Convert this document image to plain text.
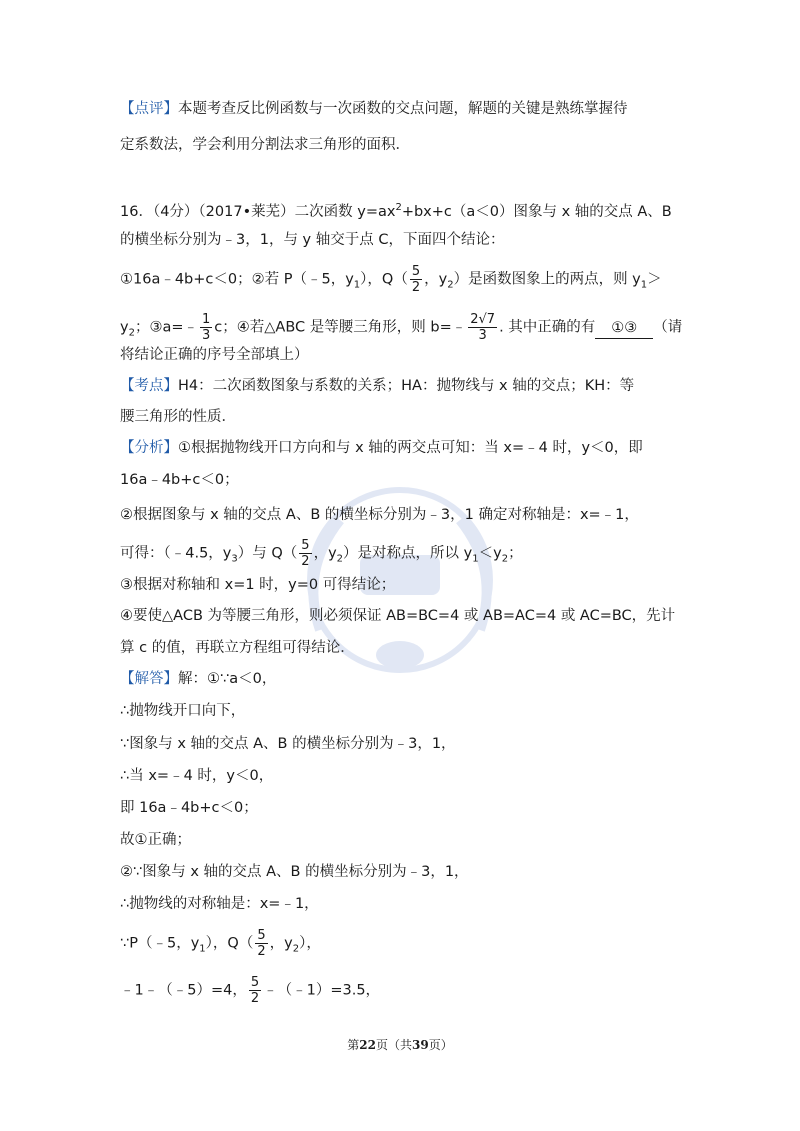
【点评】本题考查反比例函数与一次函数的交点问题，解题的关键是熟练掌握待
定系数法，学会利用分割法求三角形的面积．
16．（4分）（2017•莱芜）二次函数 $y=ax^2+bx+c(a<0)$图象与 x 轴的交点 A、B
的横坐标分别为﹣3，1，与 y 轴交于点 C，下面四个结论：
①16a﹣4b+c＜0；②若 P（﹣5，$y_1$），$Q( \frac{5}{2}$ ，$y_2$）是函数图象上的两点，则 $y_1>$
$y_2$；③a=﹣ $\frac{1}{3}$ c；④若△ABC 是等腰三角形，则 b=﹣ $\frac{2√7}{3}$ . 其中正确的有 ①③ （请
将结论正确的序号全部填上）
【考点】H4：二次函数图象与系数的关系；HA：抛物线与 x 轴的交点；KH：等
腰三角形的性质．
【分析】①根据抛物线开口方向和与 x 轴的两交点可知：当 x=﹣4 时，y＜0，即
16a﹣4b+c＜0；
②根据图象与 x 轴的交点 A、B 的横坐标分别为﹣3，1 确定对称轴是：x=﹣1，
可得：（﹣4.5，$y_3$）与 $Q( \frac{5}{2}$ ，$y_2$）是对称点，所以 $y_1<y_2$；
③根据对称轴和 x=1 时，y=0 可得结论；
④要使△ACB 为等腰三角形，则必须保证 AB=BC=4 或 AB=AC=4 或 AC=BC，先计
算 c 的值，再联立方程组可得结论．
【解答】解：①∵a＜0，
∴抛物线开口向下，
∵图象与 x 轴的交点 A、B 的横坐标分别为﹣3，1，
∴当 x=﹣4 时，y＜0，
即 16a﹣4b+c＜0；
故①正确；
②∵图象与 x 轴的交点 A、B 的横坐标分别为﹣3，1，
∴抛物线的对称轴是：x=﹣1，
∵P（﹣5，$y_1$），$Q( \frac{5}{2}$ ，$y_2$），
﹣1﹣（﹣5）=4， $\frac{5}{2}$ ﹣（﹣1）=3.5，
第22页（共39页）
